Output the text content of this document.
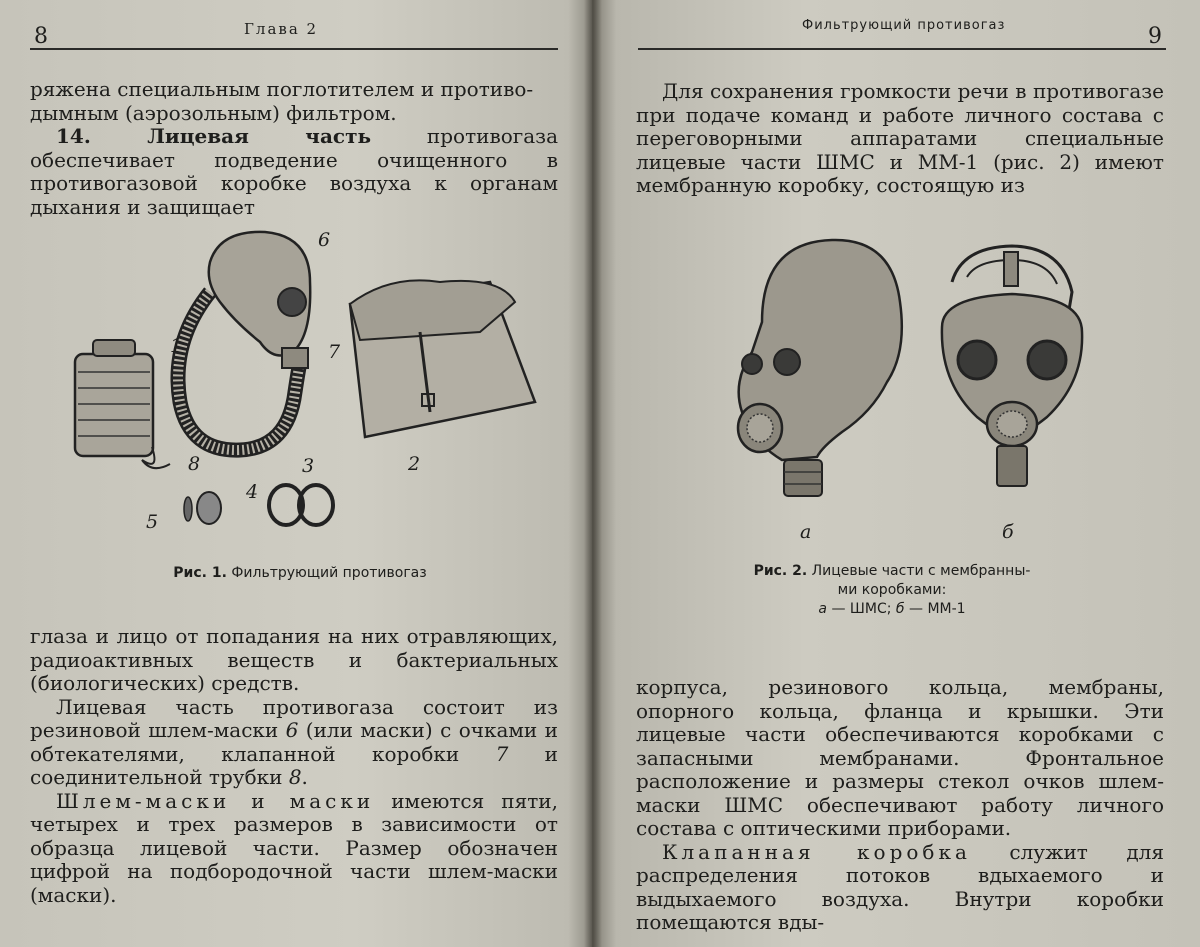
8	Глава 2

ряжена специальным поглотителем и противо-

дымным (аэрозольным) фильтром.

14. Лицевая часть противогаза обеспечивает подведение очищенного в противогазовой коробке воздуха к органам дыхания и защищает

1
2
3
4
5
6
7
8
Рис. 1. Фильтрующий противогаз

глаза и лицо от попадания на них отравляющих, радиоактивных веществ и бактериальных (биологических) средств.

Лицевая часть противогаза состоит из резиновой шлем-маски 6 (или маски) с очками и обтекателями, клапанной коробки 7 и соединительной трубки 8.

Шлем-маски и маски имеются пяти, четырех и трех размеров в зависимости от образца лицевой части. Размер обозначен цифрой на подбородочной части шлем-маски (маски).

Фильтрующий противогаз	9

Для сохранения громкости речи в противогазе при подаче команд и работе личного состава с переговорными аппаратами специальные лицевые части ШМС и ММ-1 (рис. 2) имеют мембранную коробку, состоящую из

а	б
Рис. 2. Лицевые части с мембранны-
ми коробками:
а — ШМС; б — ММ-1

корпуса, резинового кольца, мембраны, опорного кольца, фланца и крышки. Эти лицевые части обеспечиваются коробками с запасными мембранами. Фронтальное расположение и размеры стекол очков шлем-маски ШМС обеспечивают работу личного состава с оптическими приборами.

Клапанная коробка служит для распределения потоков вдыхаемого и выдыхаемого воздуха. Внутри коробки помещаются вды-
